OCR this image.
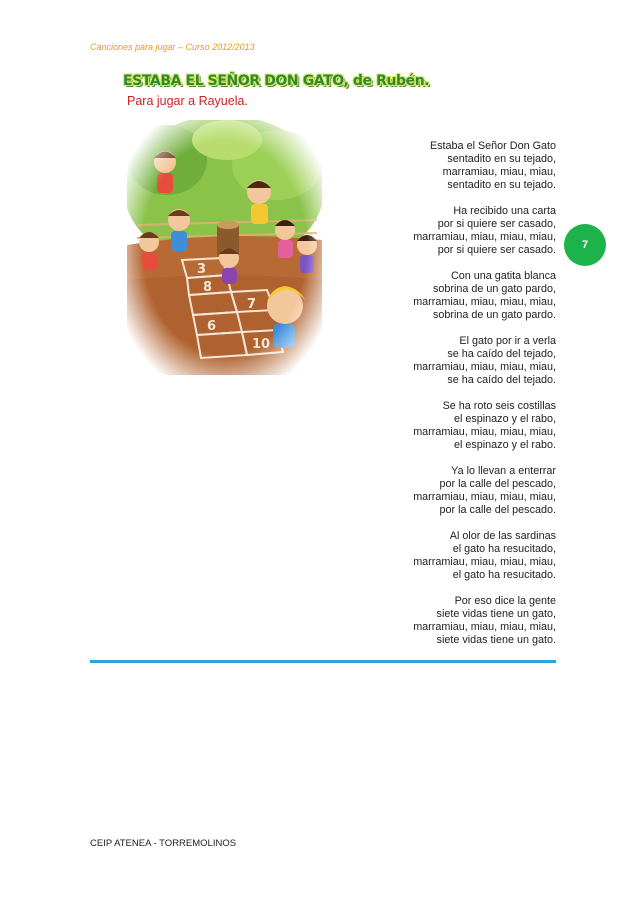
Canciones para jugar – Curso 2012/2013
ESTABA EL SEÑOR DON GATO, de Rubén.
Para jugar a Rayuela.
Estaba el Señor Don Gato
sentadito en su tejado,
marramiau, miau, miau,
sentadito en su tejado.
Ha recibido una carta
por si quiere ser casado,
marramiau, miau, miau, miau,
por si quiere ser casado.
Con una gatita blanca
sobrina de un gato pardo,
marramiau, miau, miau, miau,
sobrina de un gato pardo.
El gato por ir a verla
se ha caído del tejado,
marramiau, miau, miau, miau,
se ha caído del tejado.
Se ha roto seis costillas
el espinazo y el rabo,
marramiau, miau, miau, miau,
el espinazo y el rabo.
Ya lo llevan a enterrar
por la calle del pescado,
marramiau, miau, miau, miau,
por la calle del pescado.
Al olor de las sardinas
el gato ha resucitado,
marramiau, miau, miau, miau,
el gato ha resucitado.
Por eso dice la gente
siete vidas tiene un gato,
marramiau, miau, miau, miau,
siete vidas tiene un gato.
7
CEIP ATENEA - TORREMOLINOS
